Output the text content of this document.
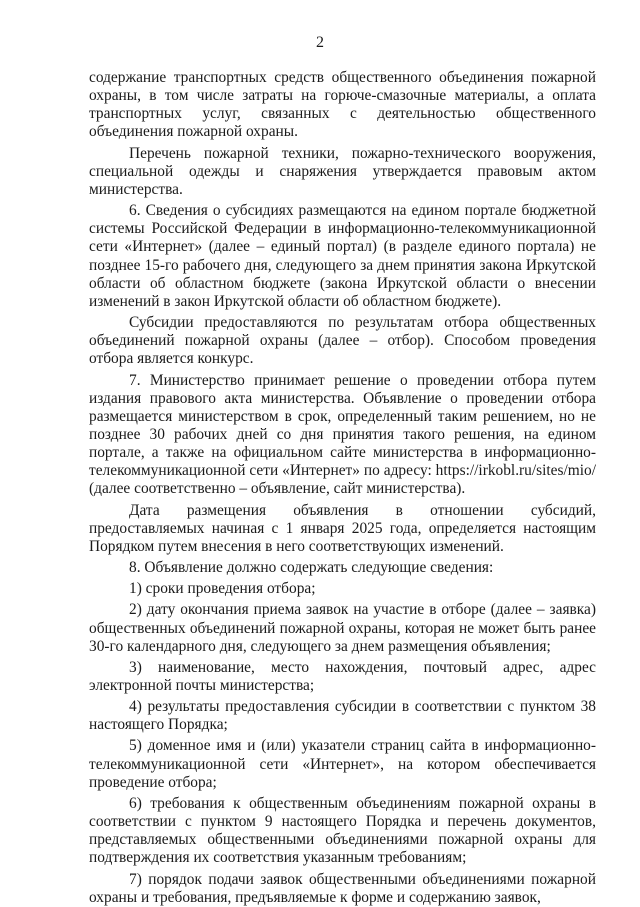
2

содержание транспортных средств общественного объединения пожарной охраны, в том числе затраты на горюче-смазочные материалы, а оплата транспортных услуг, связанных с деятельностью общественного объединения пожарной охраны.

Перечень пожарной техники, пожарно-технического вооружения, специальной одежды и снаряжения утверждается правовым актом министерства.

6. Сведения о субсидиях размещаются на едином портале бюджетной системы Российской Федерации в информационно-телекоммуникационной сети «Интернет» (далее – единый портал) (в разделе единого портала) не позднее 15-го рабочего дня, следующего за днем принятия закона Иркутской области об областном бюджете (закона Иркутской области о внесении изменений в закон Иркутской области об областном бюджете).

Субсидии предоставляются по результатам отбора общественных объединений пожарной охраны (далее – отбор). Способом проведения отбора является конкурс.

7. Министерство принимает решение о проведении отбора путем издания правового акта министерства. Объявление о проведении отбора размещается министерством в срок, определенный таким решением, но не позднее 30 рабочих дней со дня принятия такого решения, на едином портале, а также на официальном сайте министерства в информационно-телекоммуникационной сети «Интернет» по адресу: https://irkobl.ru/sites/mio/ (далее соответственно – объявление, сайт министерства).

Дата размещения объявления в отношении субсидий, предоставляемых начиная с 1 января 2025 года, определяется настоящим Порядком путем внесения в него соответствующих изменений.

8. Объявление должно содержать следующие сведения:

1) сроки проведения отбора;

2) дату окончания приема заявок на участие в отборе (далее – заявка) общественных объединений пожарной охраны, которая не может быть ранее 30-го календарного дня, следующего за днем размещения объявления;

3) наименование, место нахождения, почтовый адрес, адрес электронной почты министерства;

4) результаты предоставления субсидии в соответствии с пунктом 38 настоящего Порядка;

5) доменное имя и (или) указатели страниц сайта в информационно-телекоммуникационной сети «Интернет», на котором обеспечивается проведение отбора;

6) требования к общественным объединениям пожарной охраны в соответствии с пунктом 9 настоящего Порядка и перечень документов, представляемых общественными объединениями пожарной охраны для подтверждения их соответствия указанным требованиям;

7) порядок подачи заявок общественными объединениями пожарной охраны и требования, предъявляемые к форме и содержанию заявок,
